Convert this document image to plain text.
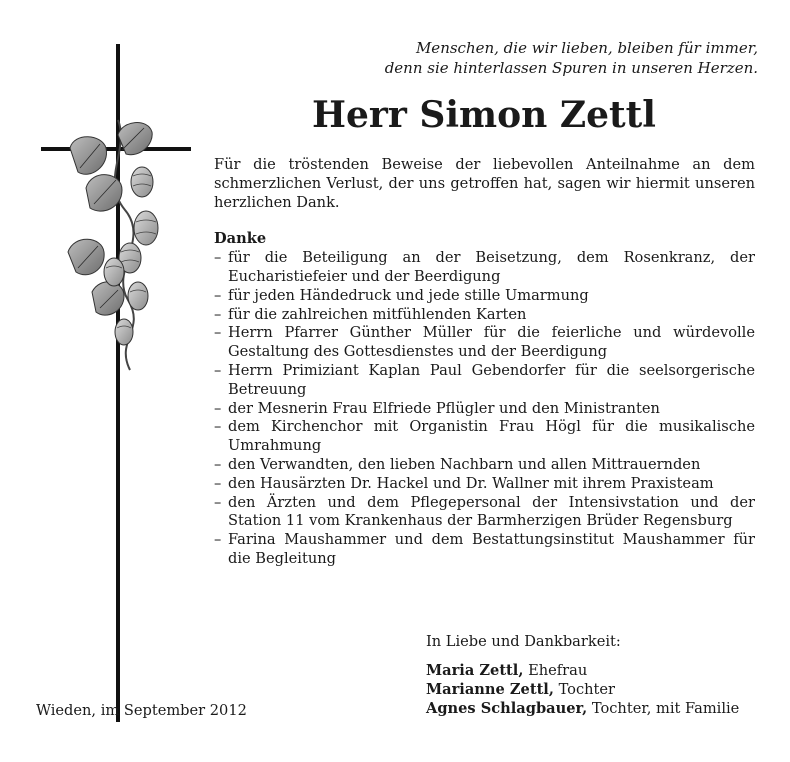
Menschen, die wir lieben, bleiben für immer,
denn sie hinterlassen Spuren in unseren Herzen.
Herr Simon Zettl

Für die tröstenden Beweise der liebevollen Anteilnahme an dem schmerzlichen Verlust, der uns getroffen hat, sagen wir hiermit unseren herzlichen Dank.

Danke

– für die Beteiligung an der Beisetzung, dem Rosenkranz, der Eucharistiefeier und der Beerdigung
– für jeden Händedruck und jede stille Umarmung
– für die zahlreichen mitfühlenden Karten
– Herrn Pfarrer Günther Müller für die feierliche und würdevolle Gestaltung des Gottesdienstes und der Beerdigung
– Herrn Primiziant Kaplan Paul Gebendorfer für die seelsorgerische Betreuung
– der Mesnerin Frau Elfriede Pflügler und den Ministranten
– dem Kirchenchor mit Organistin Frau Högl für die musikalische Umrahmung
– den Verwandten, den lieben Nachbarn und allen Mittrauernden
– den Hausärzten Dr. Hackel und Dr. Wallner mit ihrem Praxisteam
– den Ärzten und dem Pflegepersonal der Intensivstation und der Station 11 vom Krankenhaus der Barmherzigen Brüder Regensburg
– Farina Maushammer und dem Bestattungsinstitut Maushammer für die Begleitung
In Liebe und Dankbarkeit:
Maria Zettl, Ehefrau
Marianne Zettl, Tochter
Agnes Schlagbauer, Tochter, mit Familie
Wieden, im September 2012
